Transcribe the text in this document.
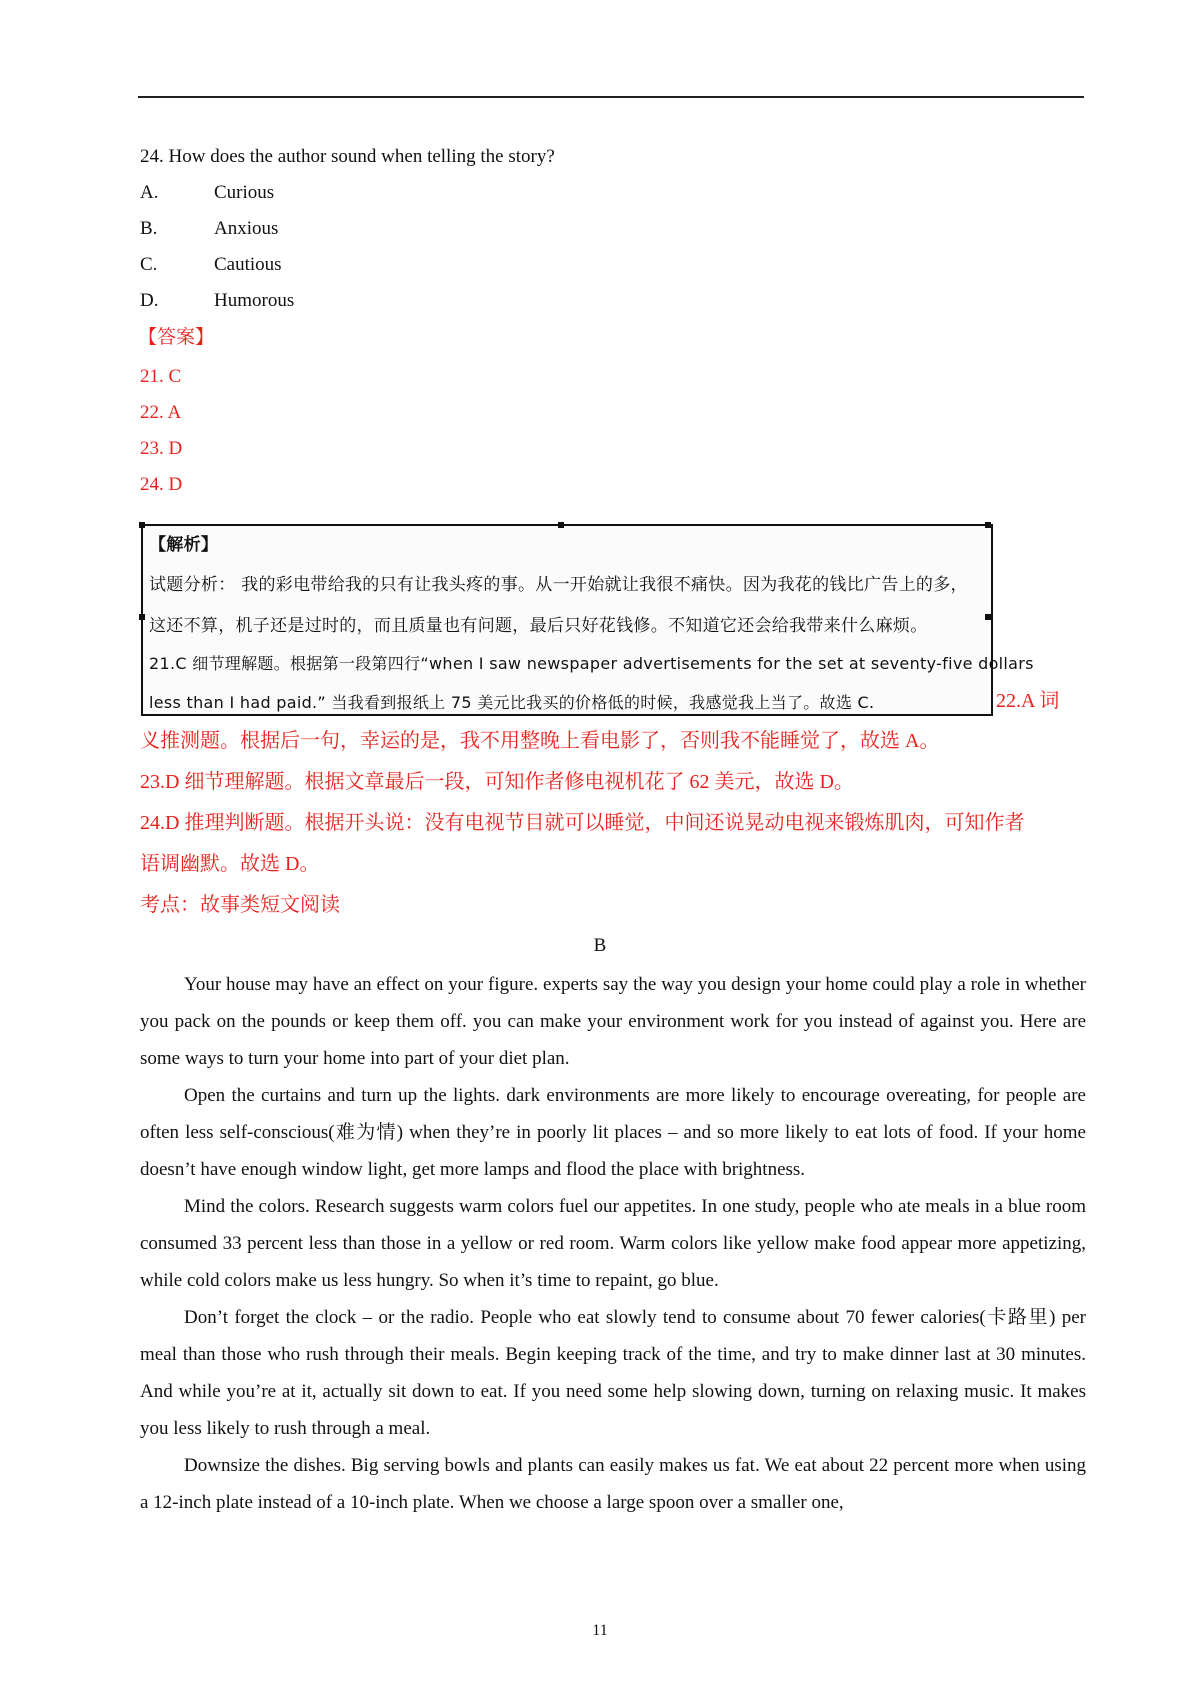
24. How does the author sound when telling the story?
A.	Curious
B.	Anxious
C.	Cautious
D.	Humorous
【答案】
21. C
22. A
23. D
24. D
【解析】
试题分析： 我的彩电带给我的只有让我头疼的事。从一开始就让我很不痛快。因为我花的钱比广告上的多，
这还不算，机子还是过时的，而且质量也有问题，最后只好花钱修。不知道它还会给我带来什么麻烦。
21.C 细节理解题。根据第一段第四行“when I saw newspaper advertisements for the set at seventy-five dollars
less than I had paid.” 当我看到报纸上 75 美元比我买的价格低的时候，我感觉我上当了。故选 C.	22.A 词
义推测题。根据后一句，幸运的是，我不用整晚上看电影了，否则我不能睡觉了，故选 A。
23.D 细节理解题。根据文章最后一段，可知作者修电视机花了 62 美元，故选 D。
24.D 推理判断题。根据开头说：没有电视节目就可以睡觉，中间还说晃动电视来锻炼肌肉，可知作者
语调幽默。故选 D。
考点：故事类短文阅读
B
Your house may have an effect on your figure. experts say the way you design your home could play a role in whether you pack on the pounds or keep them off. you can make your environment work for you instead of against you. Here are some ways to turn your home into part of your diet plan.
Open the curtains and turn up the lights. dark environments are more likely to encourage overeating, for people are often less self-conscious(难为情) when they’re in poorly lit places – and so more likely to eat lots of food. If your home doesn’t have enough window light, get more lamps and flood the place with brightness.
Mind the colors. Research suggests warm colors fuel our appetites. In one study, people who ate meals in a blue room consumed 33 percent less than those in a yellow or red room. Warm colors like yellow make food appear more appetizing, while cold colors make us less hungry. So when it’s time to repaint, go blue.
Don’t forget the clock – or the radio. People who eat slowly tend to consume about 70 fewer calories(卡路里) per meal than those who rush through their meals. Begin keeping track of the time, and try to make dinner last at 30 minutes. And while you’re at it, actually sit down to eat. If you need some help slowing down, turning on relaxing music. It makes you less likely to rush through a meal.
Downsize the dishes. Big serving bowls and plants can easily makes us fat. We eat about 22 percent more when using a 12-inch plate instead of a 10-inch plate. When we choose a large spoon over a smaller one,
11
